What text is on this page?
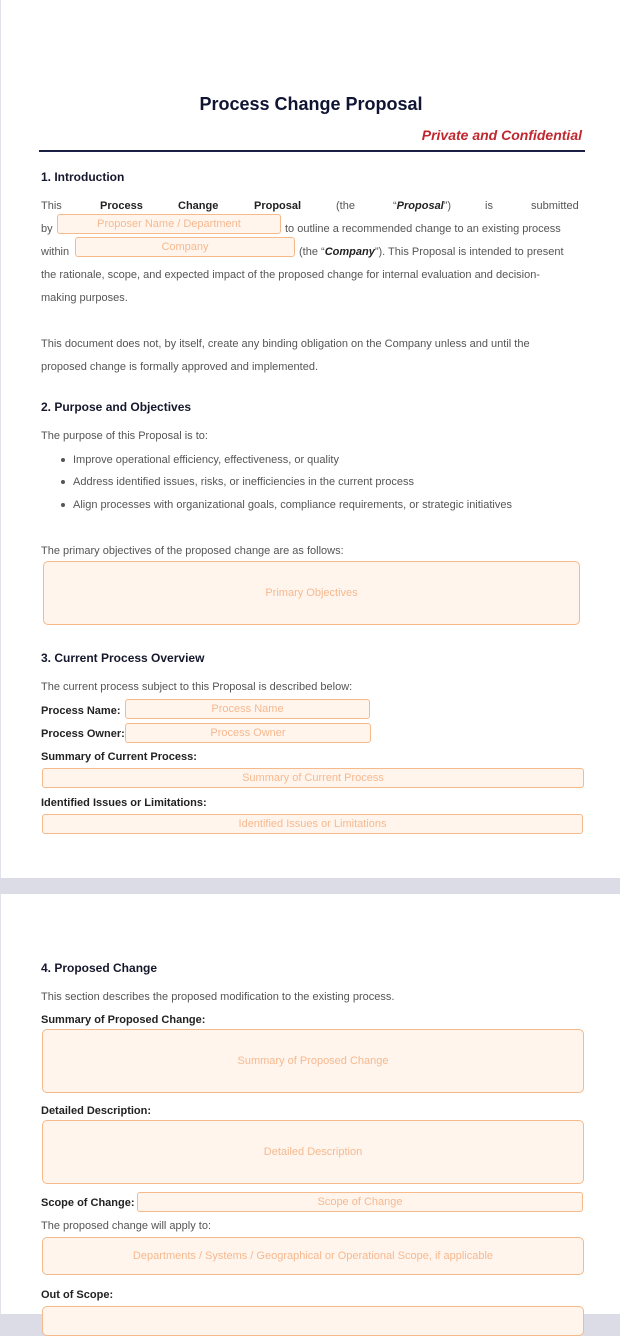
Process Change Proposal
Private and Confidential
1. Introduction
This	Process	Change	Proposal	(the	“Proposal”)	is	submitted
by	Proposer Name / Department	to outline a recommended change to an existing process
within	Company	(the “Company”). This Proposal is intended to present
the rationale, scope, and expected impact of the proposed change for internal evaluation and decision-
making purposes.
This document does not, by itself, create any binding obligation on the Company unless and until the
proposed change is formally approved and implemented.
2. Purpose and Objectives
The purpose of this Proposal is to:
Improve operational efficiency, effectiveness, or quality
Address identified issues, risks, or inefficiencies in the current process
Align processes with organizational goals, compliance requirements, or strategic initiatives
The primary objectives of the proposed change are as follows:
Primary Objectives
3. Current Process Overview
The current process subject to this Proposal is described below:
Process Name:	Process Name
Process Owner:	Process Owner
Summary of Current Process:
Summary of Current Process
Identified Issues or Limitations:
Identified Issues or Limitations
4. Proposed Change
This section describes the proposed modification to the existing process.
Summary of Proposed Change:
Summary of Proposed Change
Detailed Description:
Detailed Description
Scope of Change:	Scope of Change
The proposed change will apply to:
Departments / Systems / Geographical or Operational Scope, if applicable
Out of Scope:
